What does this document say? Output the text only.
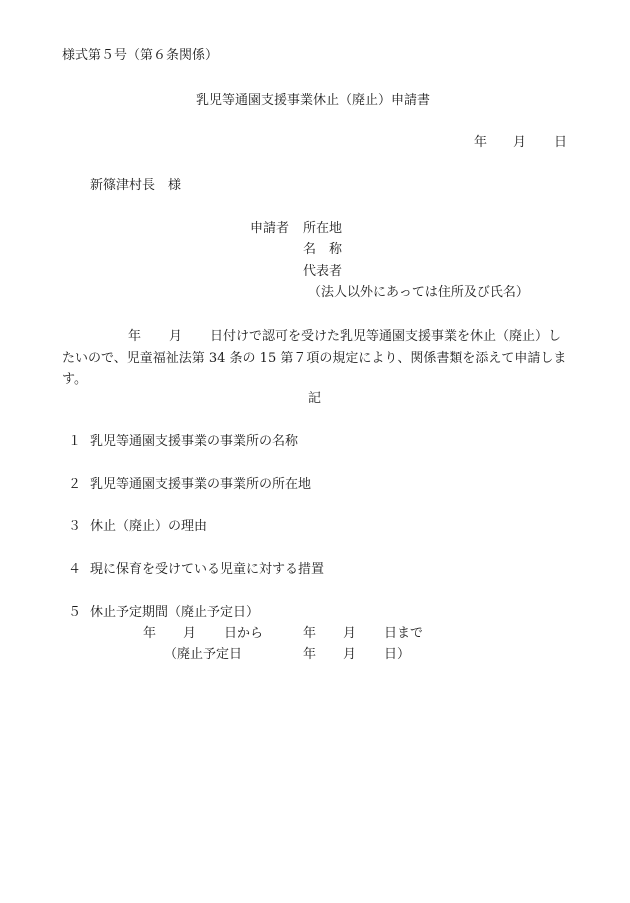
様式第５号（第６条関係）
乳児等通園支援事業休止（廃止）申請書
年 月 日
新篠津村長　様
申請者 所在地
名　称
代表者
（法人以外にあっては住所及び氏名）
年 月 日付けで認可を受けた乳児等通園支援事業を休止（廃止）し
たいので、児童福祉法第 34 条の 15 第７項の規定により、関係書類を添えて申請しま
す。
記
１ 乳児等通園支援事業の事業所の名称
２ 乳児等通園支援事業の事業所の所在地
３ 休止（廃止）の理由
４ 現に保育を受けている児童に対する措置
５ 休止予定期間（廃止予定日）
年 月 日から	年 月 日まで
（廃止予定日	年 月 日）
